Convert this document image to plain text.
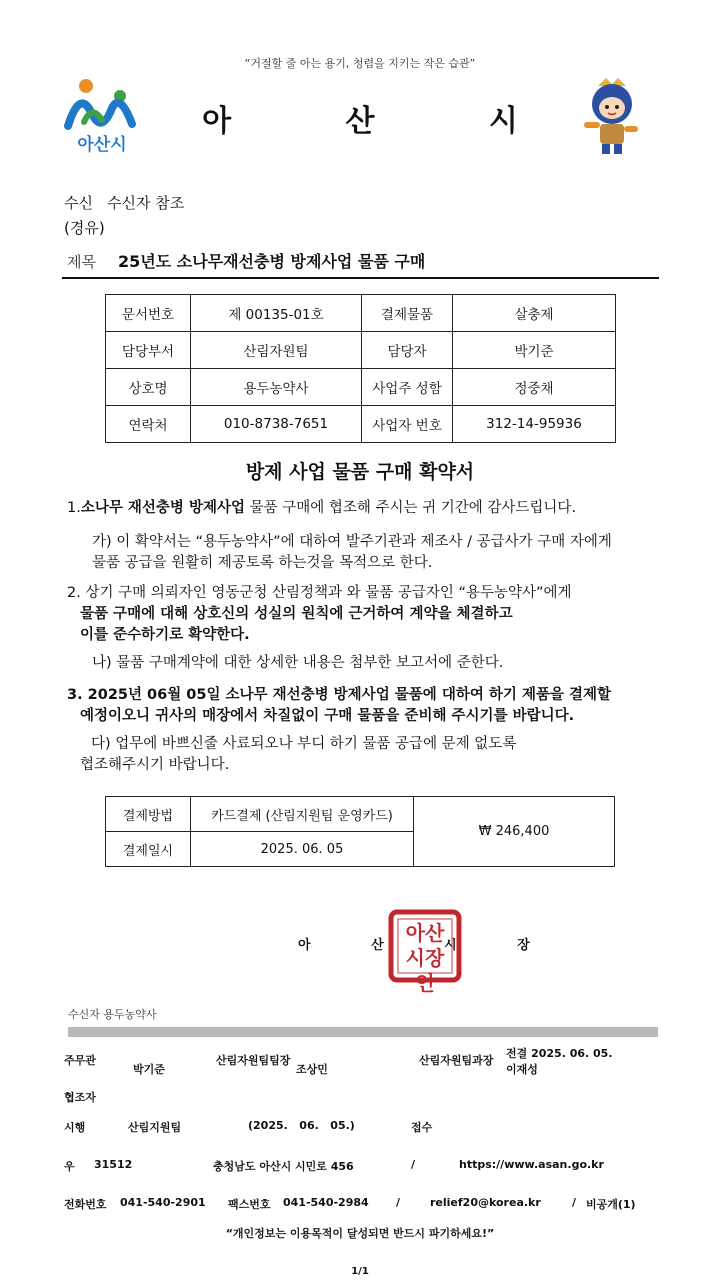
“거절할 줄 아는 용기, 청렴을 지키는 작은 습관”
아산시
아 산 시
수신 수신자 참조
(경유)
제목 25년도 소나무재선충병 방제사업 물품 구매
문서번호	제 00135-01호	결제물품	살충제
담당부서	산림자원팀	담당자	박기준
상호명	용두농약사	사업주 성함	정중채
연락처	010-8738-7651	사업자 번호	312-14-95936
방제 사업 물품 구매 확약서
1.소나무 재선충병 방제사업 물품 구매에 협조해 주시는 귀 기간에 감사드립니다.
가) 이 확약서는 “용두농약사”에 대하여 발주기관과 제조사 / 공급사가 구매 자에게
물품 공급을 원활히 제공토록 하는것을 목적으로 한다.
2. 상기 구매 의뢰자인 영동군청 산림정책과 와 물품 공급자인 “용두농약사”에게
물품 구매에 대해 상호신의 성실의 원칙에 근거하여 계약을 체결하고
이를 준수하기로 확약한다.
나) 물품 구매계약에 대한 상세한 내용은 첨부한 보고서에 준한다.
3. 2025년 06월 05일 소나무 재선충병 방제사업 물품에 대하여 하기 제품을 결제할
예정이오니 귀사의 매장에서 차질없이 구매 물품을 준비해 주시기를 바랍니다.
다) 업무에 바쁘신줄 사료되오나 부디 하기 물품 공급에 문제 없도록
협조해주시기 바랍니다.
결제방법	카드결제 (산림지원팀 운영카드)	₩ 246,400
결제일시	2025. 06. 05	
아 산 시 장
아산시장인
수신자 용두농약사
주무관
박기준
산림자원팀팀장
조상민
산림자원팀과장
전결 2025. 06. 05.
이재성
협조자
시행	산림지원팀	(2025.   06.   05.)	접수
우 31512	충청남도 아산시 시민로 456	/	https://www.asan.go.kr
전화번호 041-540-2901 팩스번호 041-540-2984 /	relief20@korea.kr	/ 비공개(1)
“개인정보는 이용목적이 달성되면 반드시 파기하세요!”
1/1
